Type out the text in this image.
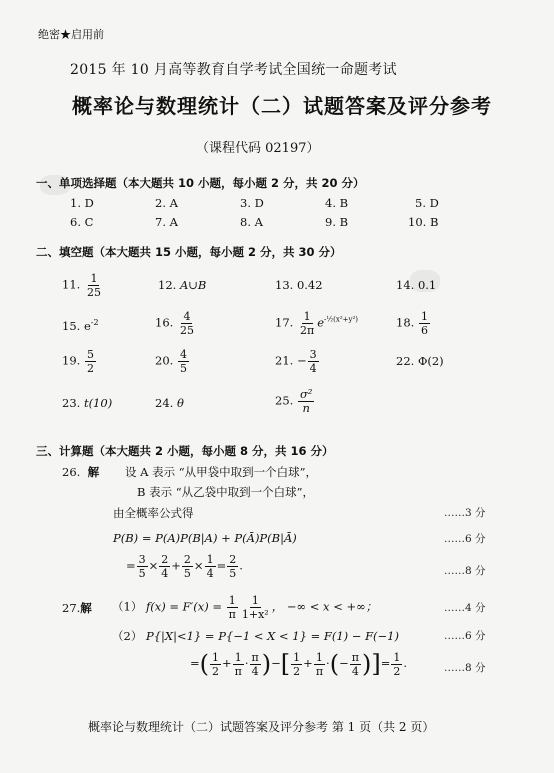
绝密★启用前
2015 年 10 月高等教育自学考试全国统一命题考试
概率论与数理统计（二）试题答案及评分参考
（课程代码 02197）
一、单项选择题（本大题共 10 小题，每小题 2 分，共 20 分）
1. D	2. A	3. D	4. B	5. D
6. C	7. A	8. A	9. B	10. B
二、填空题（本大题共 15 小题，每小题 2 分，共 30 分）
11. $\frac{1}{25}$	12. A∪B	13. 0.42	14. 0.1
15. $e^{-2}$	16. $\frac{4}{25}$	17. $\frac{1}{2\pi} e^{-\frac{1}{2}(x^2+y^2)}$	18. $\frac{1}{6}$
19. $\frac{5}{2}$	20. $\frac{4}{5}$	21. − $\frac{3}{4}$	22. Φ(2)
23. t(10)	24. θ	25. $\frac{\text{σ²}}{n}$
三、计算题（本大题共 2 小题，每小题 8 分，共 16 分）
26. 解 设 A 表示 “从甲袋中取到一个白球”，
B 表示 “从乙袋中取到一个白球”，
由全概率公式得	……3 分
P(B) = P(A)P(B|A) + P(Ā)P(B|Ā)	……6 分
= $\frac{3}{5} \times \frac{2}{4} + \frac{2}{5} \times \frac{1}{4} = \frac{2}{5}$ .	……8 分
27.解 （1） $f(x) = F'(x) = \frac{1}{\pi} \frac{1}{\text{1+x²}}$ ， −∞ < x < +∞；	……4 分
（2） P{|X|<1} = P{−1 < X < 1} = F(1) − F(−1)	……6 分
=( $\frac{1}{2} + \frac{1}{\pi} \cdot \frac{\pi}{4}$ )−[ $\frac{1}{2} + \frac{1}{\pi}$ ·(− $\frac{\pi}{4}$ )]= $\frac{1}{2}$ .	……8 分
概率论与数理统计（二）试题答案及评分参考 第 1 页（共 2 页）
